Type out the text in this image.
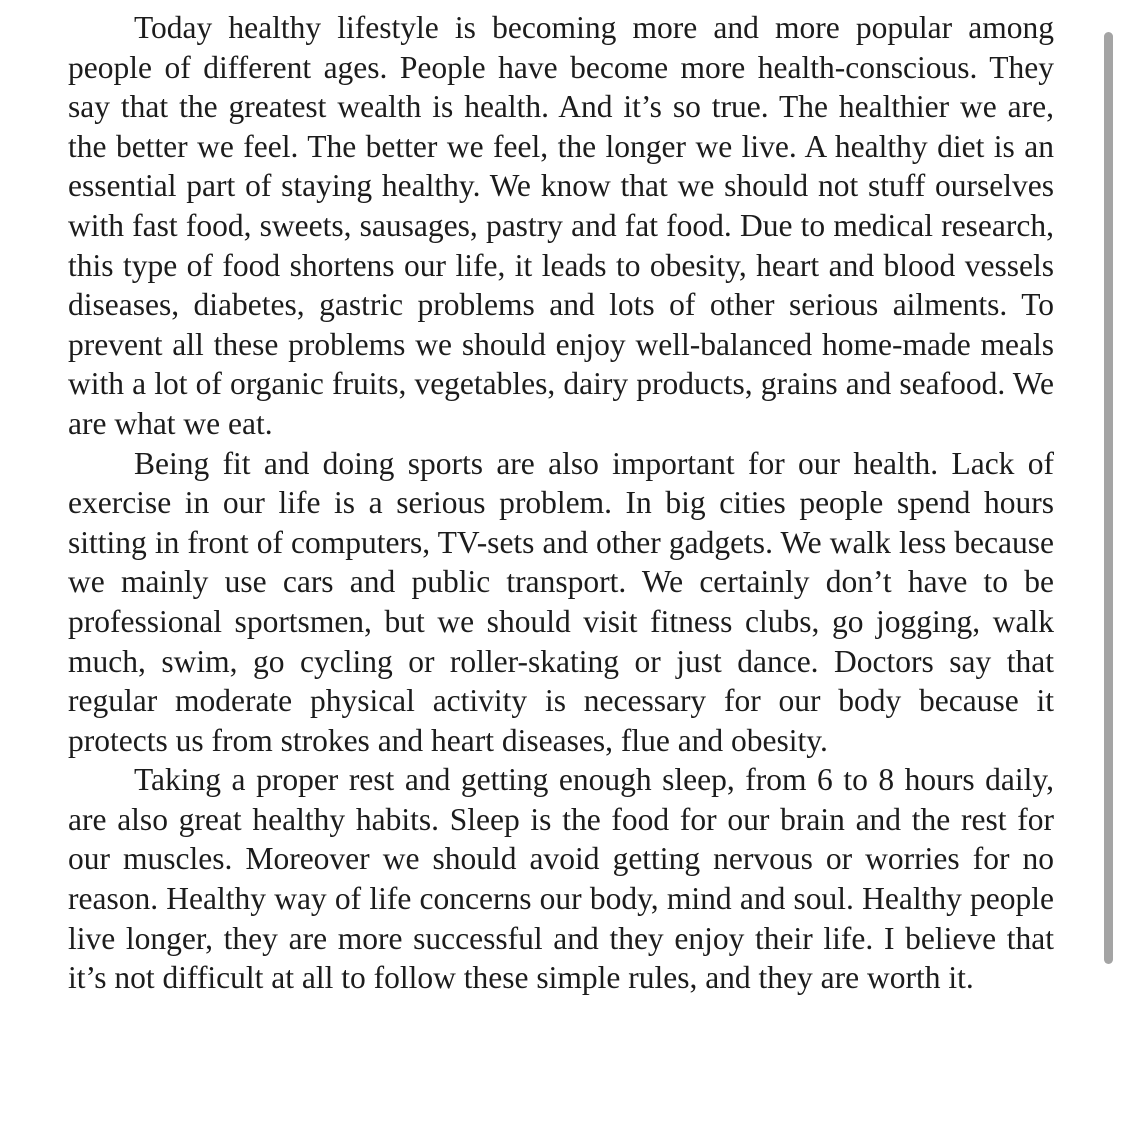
Today healthy lifestyle is becoming more and more popular among people of different ages. People have become more health-conscious. They say that the greatest wealth is health. And it’s so true. The healthier we are, the better we feel. The better we feel, the longer we live. A healthy diet is an essential part of staying healthy. We know that we should not stuff ourselves with fast food, sweets, sausages, pastry and fat food. Due to medical research, this type of food shortens our life, it leads to obesity, heart and blood vessels diseases, diabetes, gastric problems and lots of other serious ailments. To prevent all these problems we should enjoy well-balanced home-made meals with a lot of organic fruits, vegetables, dairy products, grains and seafood. We are what we eat.

Being fit and doing sports are also important for our health. Lack of exercise in our life is a serious problem. In big cities people spend hours sitting in front of computers, TV-sets and other gadgets. We walk less because we mainly use cars and public transport. We certainly don’t have to be professional sportsmen, but we should visit fitness clubs, go jogging, walk much, swim, go cycling or roller-skating or just dance. Doctors say that regular moderate physical activity is necessary for our body because it protects us from strokes and heart diseases, flue and obesity.

Taking a proper rest and getting enough sleep, from 6 to 8 hours daily, are also great healthy habits. Sleep is the food for our brain and the rest for our muscles. Moreover we should avoid getting nervous or worries for no reason. Healthy way of life concerns our body, mind and soul. Healthy people live longer, they are more successful and they enjoy their life. I believe that it’s not difficult at all to follow these simple rules, and they are worth it.
